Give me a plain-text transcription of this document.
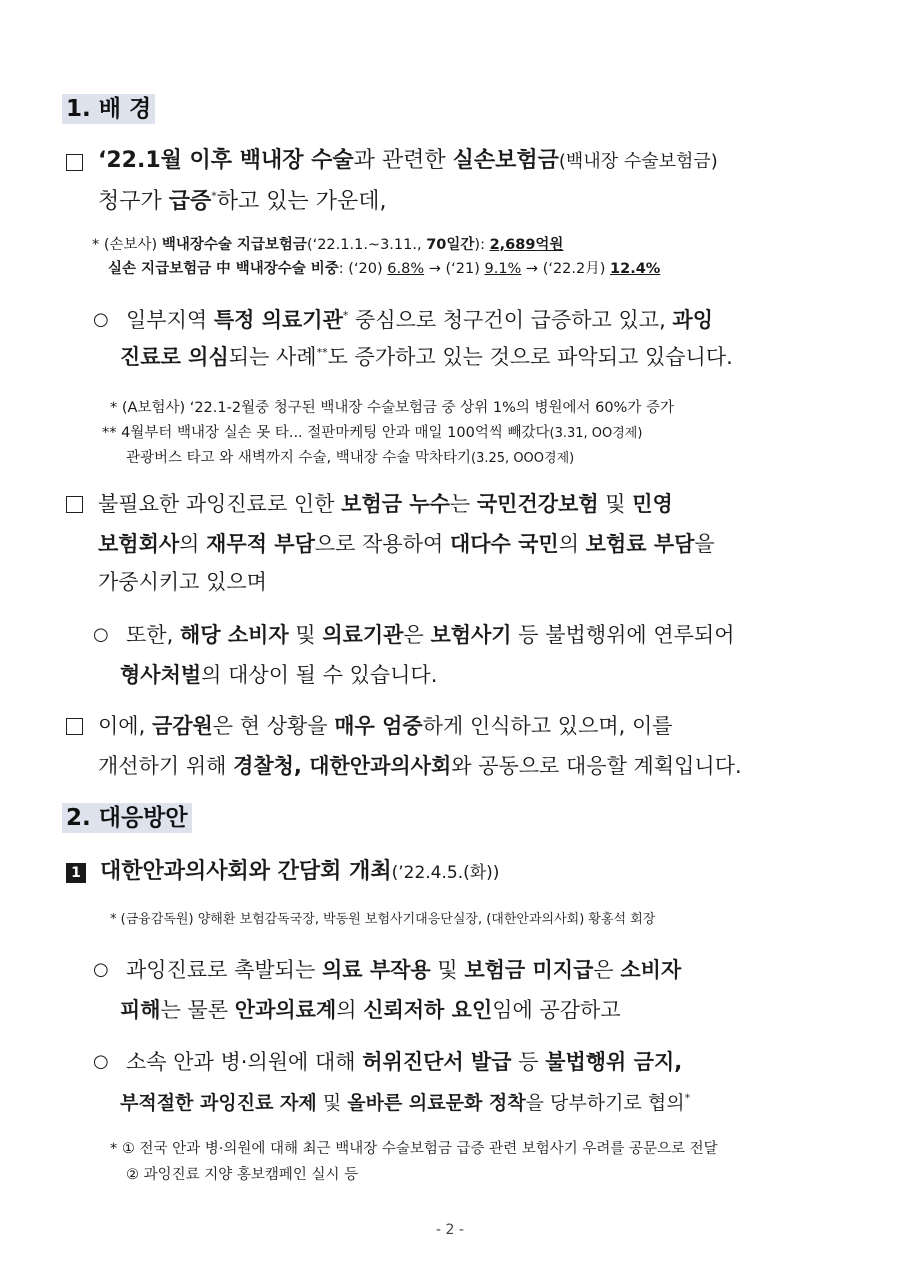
1. 배 경
‘22.1월 이후 백내장 수술과 관련한 실손보험금(백내장 수술보험금)
청구가 급증*하고 있는 가운데,
* (손보사) 백내장수술 지급보험금(‘22.1.1.~3.11., 70일간): 2,689억원
실손 지급보험금 中 백내장수술 비중: (‘20) 6.8% → (‘21) 9.1% → (‘22.2月) 12.4%
○ 일부지역 특정 의료기관* 중심으로 청구건이 급증하고 있고, 과잉
진료로 의심되는 사례**도 증가하고 있는 것으로 파악되고 있습니다.
* (A보험사) ‘22.1-2월중 청구된 백내장 수술보험금 중 상위 1%의 병원에서 60%가 증가
** 4월부터 백내장 실손 못 타... 절판마케팅 안과 매일 100억씩 빼갔다(3.31, OO경제)
관광버스 타고 와 새벽까지 수술, 백내장 수술 막차타기(3.25, OOO경제)
불필요한 과잉진료로 인한 보험금 누수는 국민건강보험 및 민영
보험회사의 재무적 부담으로 작용하여 대다수 국민의 보험료 부담을
가중시키고 있으며
○ 또한, 해당 소비자 및 의료기관은 보험사기 등 불법행위에 연루되어
형사처벌의 대상이 될 수 있습니다.
이에, 금감원은 현 상황을 매우 엄중하게 인식하고 있으며, 이를
개선하기 위해 경찰청, 대한안과의사회와 공동으로 대응할 계획입니다.
2. 대응방안
1 대한안과의사회와 간담회 개최(’22.4.5.(화))
* (금융감독원) 양해환 보험감독국장, 박동원 보험사기대응단실장, (대한안과의사회) 황홍석 회장
○ 과잉진료로 촉발되는 의료 부작용 및 보험금 미지급은 소비자
피해는 물론 안과의료계의 신뢰저하 요인임에 공감하고
○ 소속 안과 병·의원에 대해 허위진단서 발급 등 불법행위 금지,
부적절한 과잉진료 자제 및 올바른 의료문화 정착을 당부하기로 협의*
* ① 전국 안과 병·의원에 대해 최근 백내장 수술보험금 급증 관련 보험사기 우려를 공문으로 전달
② 과잉진료 지양 홍보캠페인 실시 등
- 2 -
